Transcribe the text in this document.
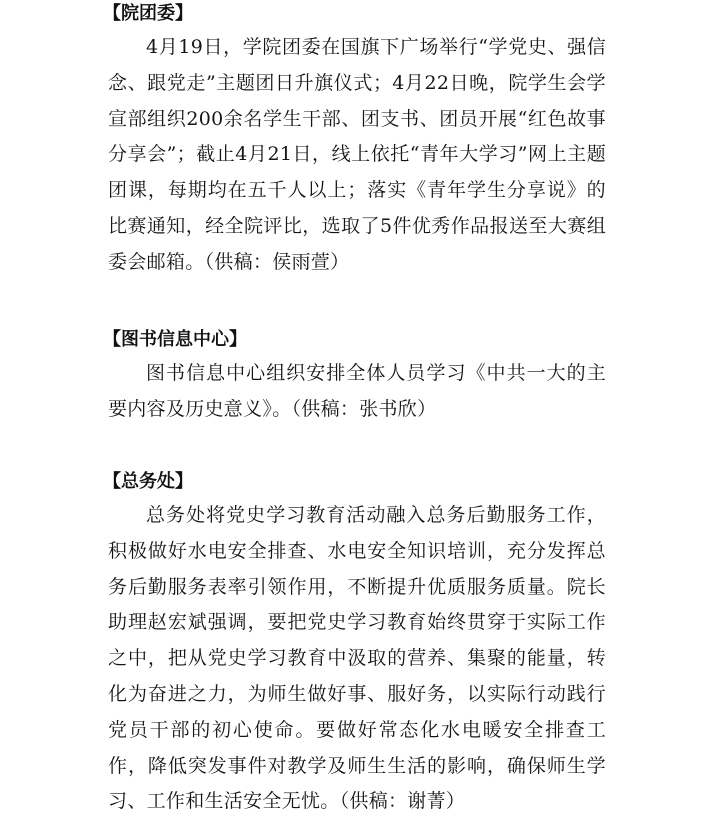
【院团委】

4月19日，学院团委在国旗下广场举行“学党史、强信念、跟党走”主题团日升旗仪式；4月22日晚，院学生会学宣部组织200余名学生干部、团支书、团员开展“红色故事分享会”；截止4月21日，线上依托“青年大学习”网上主题团课，每期均在五千人以上；落实《青年学生分享说》的比赛通知，经全院评比，选取了5件优秀作品报送至大赛组委会邮箱。（供稿：侯雨萱）

【图书信息中心】

图书信息中心组织安排全体人员学习《中共一大的主要内容及历史意义》。（供稿：张书欣）

【总务处】

总务处将党史学习教育活动融入总务后勤服务工作，积极做好水电安全排查、水电安全知识培训，充分发挥总务后勤服务表率引领作用，不断提升优质服务质量。院长助理赵宏斌强调，要把党史学习教育始终贯穿于实际工作之中，把从党史学习教育中汲取的营养、集聚的能量，转化为奋进之力，为师生做好事、服好务，以实际行动践行党员干部的初心使命。要做好常态化水电暖安全排查工作，降低突发事件对教学及师生生活的影响，确保师生学习、工作和生活安全无忧。（供稿：谢菁）
